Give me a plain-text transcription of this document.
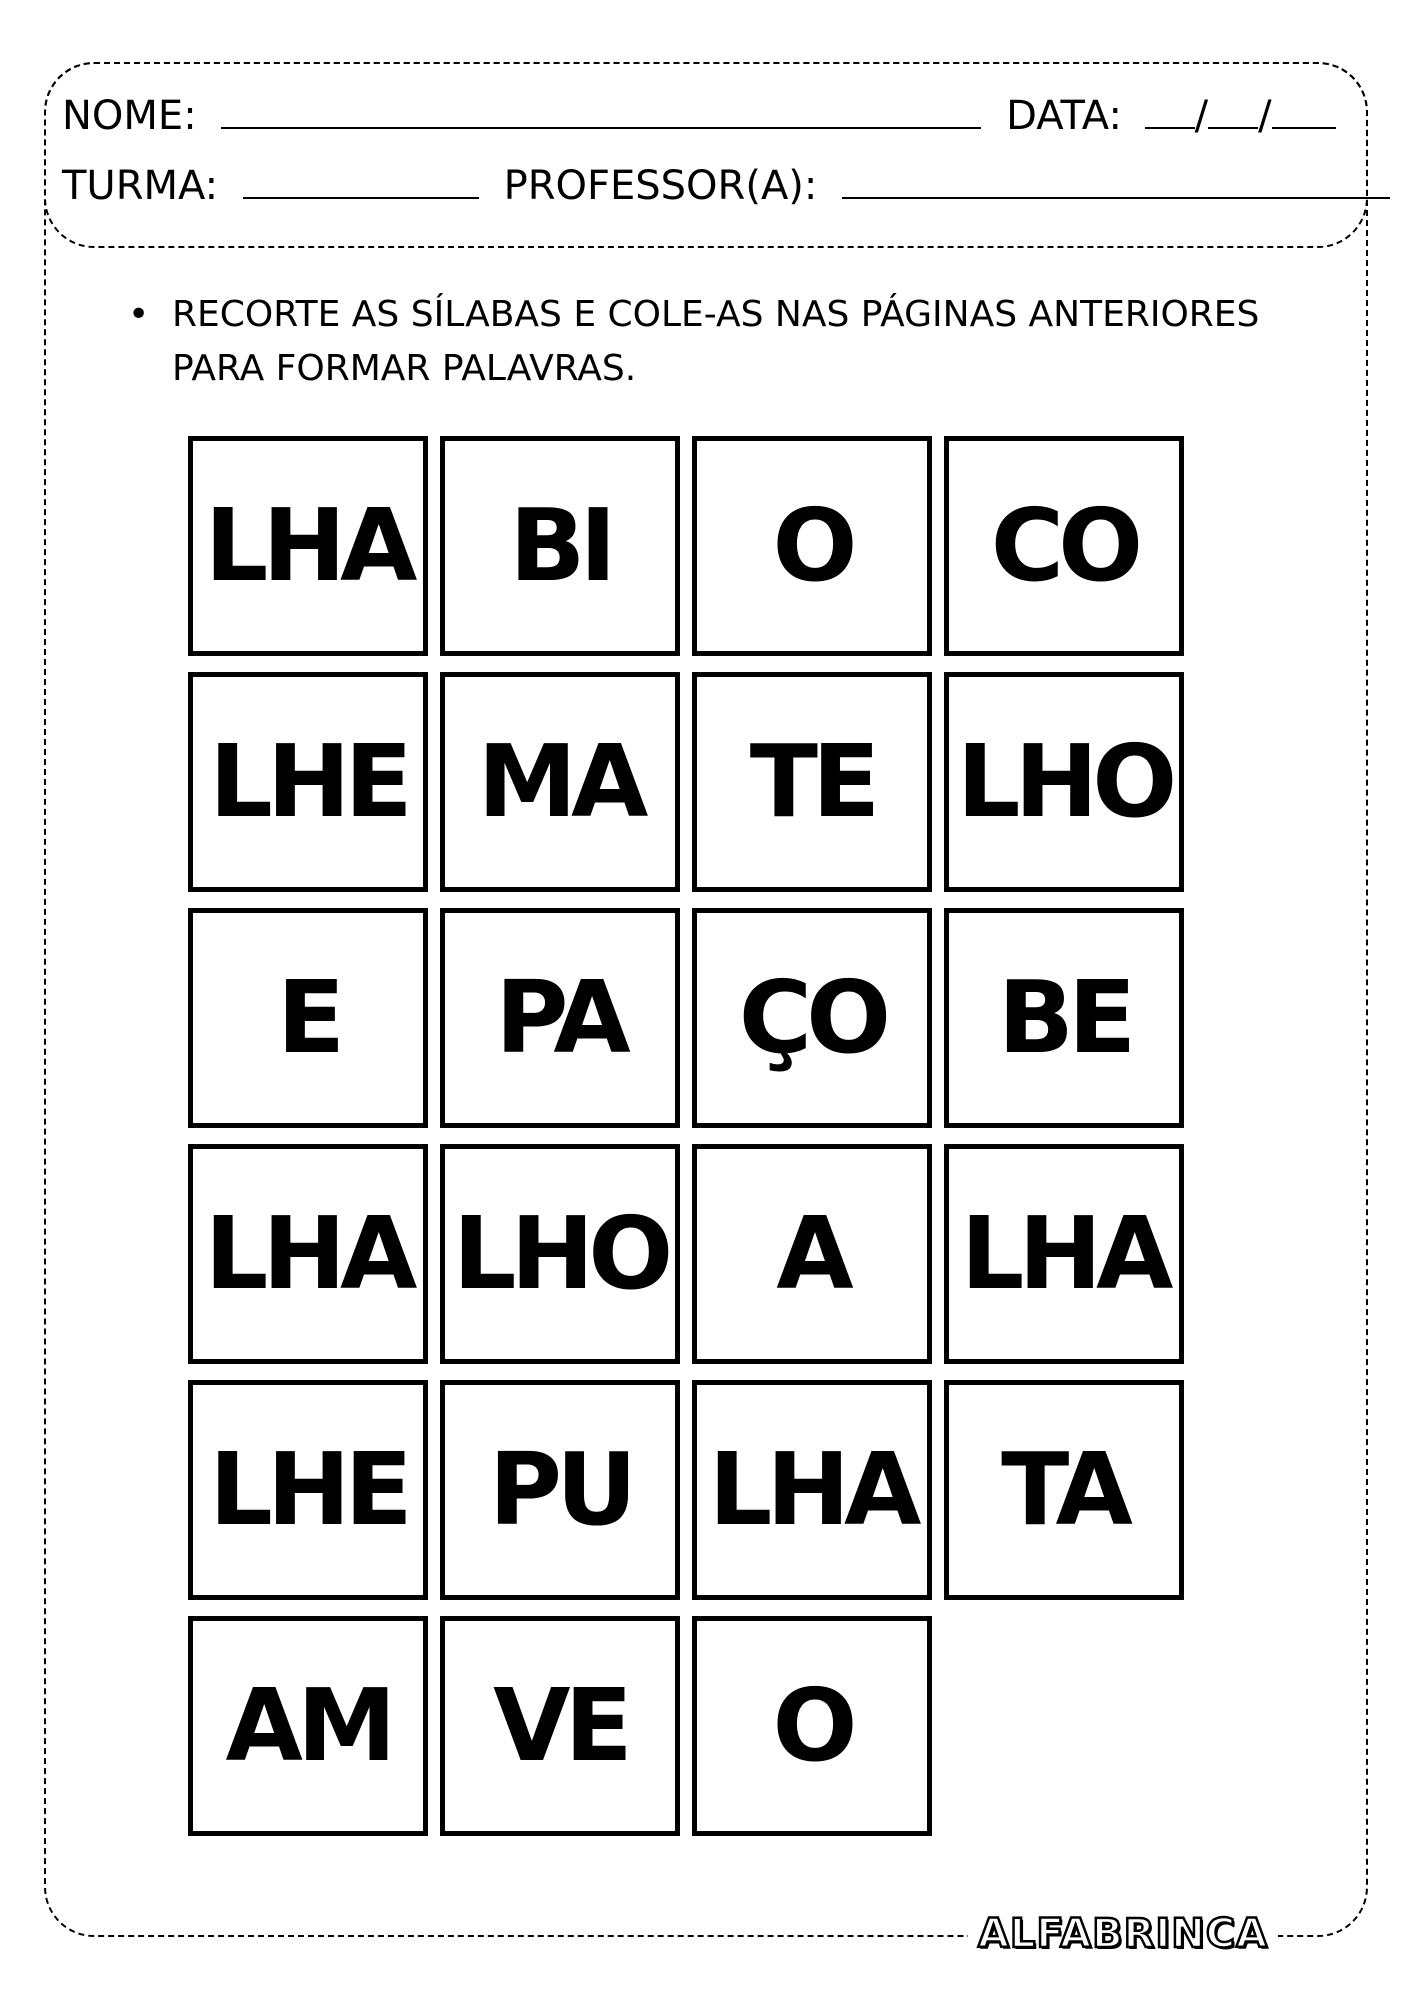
NOME:	DATA: / /
TURMA:	PROFESSOR(A):
• RECORTE AS SÍLABAS E COLE-AS NAS PÁGINAS ANTERIORES
PARA FORMAR PALAVRAS.
LHA BI O CO
LHE MA TE LHO
E PA ÇO BE
LHA LHO A LHA
LHE PU LHA TA
AM VE O
ALFABRINCA
